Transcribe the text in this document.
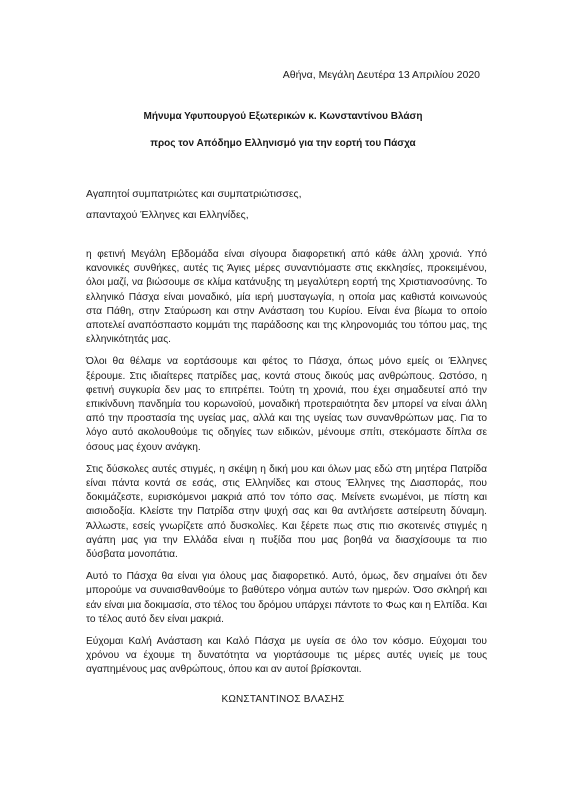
Αθήνα, Μεγάλη Δευτέρα 13 Απριλίου 2020
Μήνυμα Υφυπουργού Εξωτερικών κ. Κωνσταντίνου Βλάση
προς τον Απόδημο Ελληνισμό για την εορτή του Πάσχα
Αγαπητοί συμπατριώτες και συμπατριώτισσες,
απανταχού Έλληνες και Ελληνίδες,

η φετινή Μεγάλη Εβδομάδα είναι σίγουρα διαφορετική από κάθε άλλη χρονιά. Υπό κανονικές συνθήκες, αυτές τις Άγιες μέρες συναντιόμαστε στις εκκλησίες, προκειμένου, όλοι μαζί, να βιώσουμε σε κλίμα κατάνυξης τη μεγαλύτερη εορτή της Χριστιανοσύνης. Το ελληνικό Πάσχα είναι μοναδικό, μία ιερή μυσταγωγία, η οποία μας καθιστά κοινωνούς στα Πάθη, στην Σταύρωση και στην Ανάσταση του Κυρίου. Είναι ένα βίωμα το οποίο αποτελεί αναπόσπαστο κομμάτι της παράδοσης και της κληρονομιάς του τόπου μας, της ελληνικότητάς μας.

Όλοι θα θέλαμε να εορτάσουμε και φέτος το Πάσχα, όπως μόνο εμείς οι Έλληνες ξέρουμε. Στις ιδιαίτερες πατρίδες μας, κοντά στους δικούς μας ανθρώπους. Ωστόσο, η φετινή συγκυρία δεν μας το επιτρέπει. Τούτη τη χρονιά, που έχει σημαδευτεί από την επικίνδυνη πανδημία του κορωνοϊού, μοναδική προτεραιότητα δεν μπορεί να είναι άλλη από την προστασία της υγείας μας, αλλά και της υγείας των συνανθρώπων μας. Για το λόγο αυτό ακολουθούμε τις οδηγίες των ειδικών, μένουμε σπίτι, στεκόμαστε δίπλα σε όσους μας έχουν ανάγκη.

Στις δύσκολες αυτές στιγμές, η σκέψη η δική μου και όλων μας εδώ στη μητέρα Πατρίδα είναι πάντα κοντά σε εσάς, στις Ελληνίδες και στους Έλληνες της Διασποράς, που δοκιμάζεστε, ευρισκόμενοι μακριά από τον τόπο σας. Μείνετε ενωμένοι, με πίστη και αισιοδοξία. Κλείστε την Πατρίδα στην ψυχή σας και θα αντλήσετε αστείρευτη δύναμη. Άλλωστε, εσείς γνωρίζετε από δυσκολίες. Και ξέρετε πως στις πιο σκοτεινές στιγμές η αγάπη μας για την Ελλάδα είναι η πυξίδα που μας βοηθά να διασχίσουμε τα πιο δύσβατα μονοπάτια.

Αυτό το Πάσχα θα είναι για όλους μας διαφορετικό. Αυτό, όμως, δεν σημαίνει ότι δεν μπορούμε να συναισθανθούμε το βαθύτερο νόημα αυτών των ημερών. Όσο σκληρή και εάν είναι μια δοκιμασία, στο τέλος του δρόμου υπάρχει πάντοτε το Φως και η Ελπίδα. Και το τέλος αυτό δεν είναι μακριά.

Εύχομαι Καλή Ανάσταση και Καλό Πάσχα με υγεία σε όλο τον κόσμο. Εύχομαι του χρόνου να έχουμε τη δυνατότητα να γιορτάσουμε τις μέρες αυτές υγιείς με τους αγαπημένους μας ανθρώπους, όπου και αν αυτοί βρίσκονται.

ΚΩΝΣΤΑΝΤΙΝΟΣ ΒΛΑΣΗΣ
